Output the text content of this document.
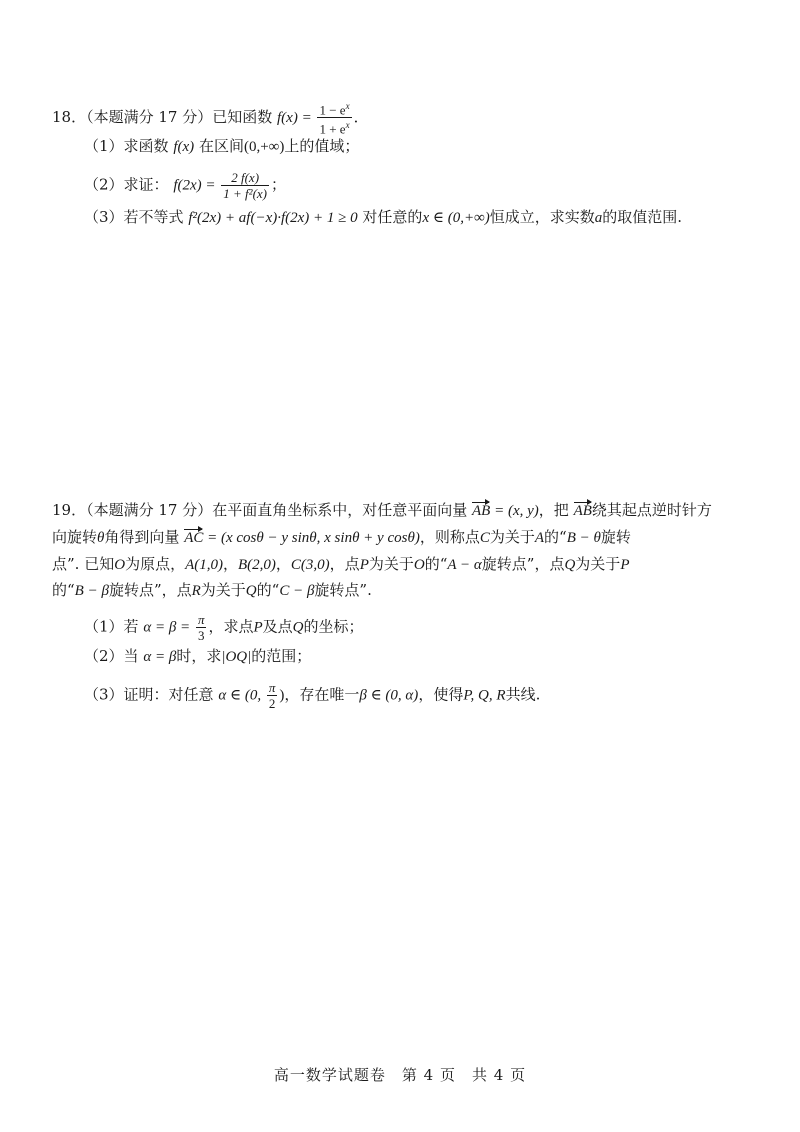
18．（本题满分 17 分）已知函数 $f(x) = \frac{1 - e^x}{1 + e^x}$ ．
（1）求函数 f(x) 在区间(0,+∞)上的值域；
（2）求证： $f(2x) = \frac{2 f(x)}{\text{1 + f²(x)}}$ ；
（3）若不等式 f²(2x) + af(−x)·f(2x) + 1 ≥ 0 对任意的x ∈ (0,+∞)恒成立，求实数a的取值范围.
19．（本题满分 17 分）在平面直角坐标系中，对任意平面向量 AB = (x, y)，把 AB绕其起点逆时针方
向旋转θ角得到向量 AC = (x cosθ − y sinθ, x sinθ + y cosθ)，则称点C为关于A的“B − θ旋转
点”. 已知O为原点，A(1,0)，B(2,0)，C(3,0)，点P为关于O的“A − α旋转点”，点Q为关于P
的“B − β旋转点”，点R为关于Q的“C − β旋转点”.
（1）若 $\alpha = \beta = \frac{\pi}{3}$ ，求点P及点Q的坐标；
（2）当 α = β时，求|OQ|的范围；
（3）证明：对任意 α ∈ (0, $\frac{\pi}{2}$ )，存在唯一β ∈ (0, α)，使得P, Q, R共线.
高一数学试题卷　第 4 页　共 4 页
